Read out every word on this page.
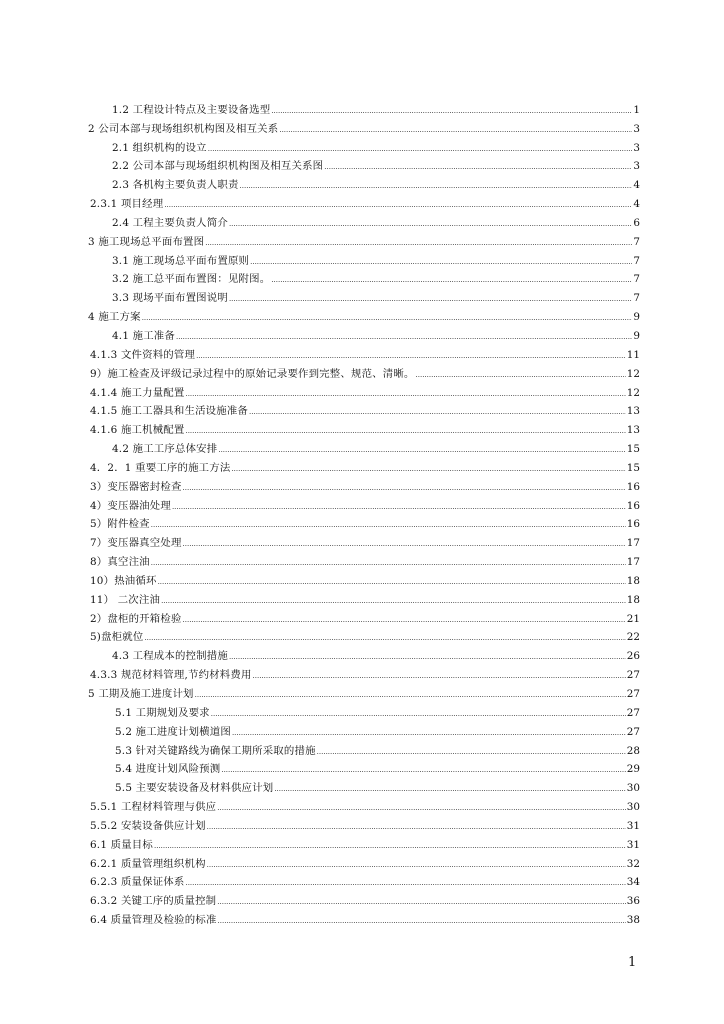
1.2 工程设计特点及主要设备选型 .....	1
2 公司本部与现场组织机构图及相互关系 .....	3
2.1 组织机构的设立 .....	3
2.2 公司本部与现场组织机构图及相互关系图 .....	3
2.3 各机构主要负责人职责 .....	4
2.3.1 项目经理 .....	4
2.4 工程主要负责人简介 .....	6
3 施工现场总平面布置图 .....	7
3.1 施工现场总平面布置原则 .....	7
3.2 施工总平面布置图：见附图。 .....	7
3.3 现场平面布置图说明 .....	7
4 施工方案 .....	9
4.1 施工准备 .....	9
4.1.3 文件资料的管理 .....	11
9）施工检查及评级记录过程中的原始记录要作到完整、规范、清晰。 .....	12
4.1.4 施工力量配置 .....	12
4.1.5 施工工器具和生活设施准备 .....	13
4.1.6 施工机械配置 .....	13
4.2 施工工序总体安排 .....	15
4．2．1 重要工序的施工方法 .....	15
3）变压器密封检查 .....	16
4）变压器油处理 .....	16
5）附件检查 .....	16
7）变压器真空处理 .....	17
8）真空注油 .....	17
10）热油循环 .....	18
11） 二次注油 .....	18
2）盘柜的开箱检验 .....	21
5)盘柜就位 .....	22
4.3 工程成本的控制措施 .....	26
4.3.3 规范材料管理,节约材料费用 .....	27
5 工期及施工进度计划 .....	27
5.1 工期规划及要求 .....	27
5.2 施工进度计划横道图 .....	27
5.3 针对关键路线为确保工期所采取的措施 .....	28
5.4 进度计划风险预测 .....	29
5.5 主要安装设备及材料供应计划 .....	30
5.5.1 工程材料管理与供应 .....	30
5.5.2 安装设备供应计划 .....	31
6.1 质量目标 .....	31
6.2.1 质量管理组织机构 .....	32
6.2.3 质量保证体系 .....	34
6.3.2 关键工序的质量控制 .....	36
6.4 质量管理及检验的标准 .....	38
1
